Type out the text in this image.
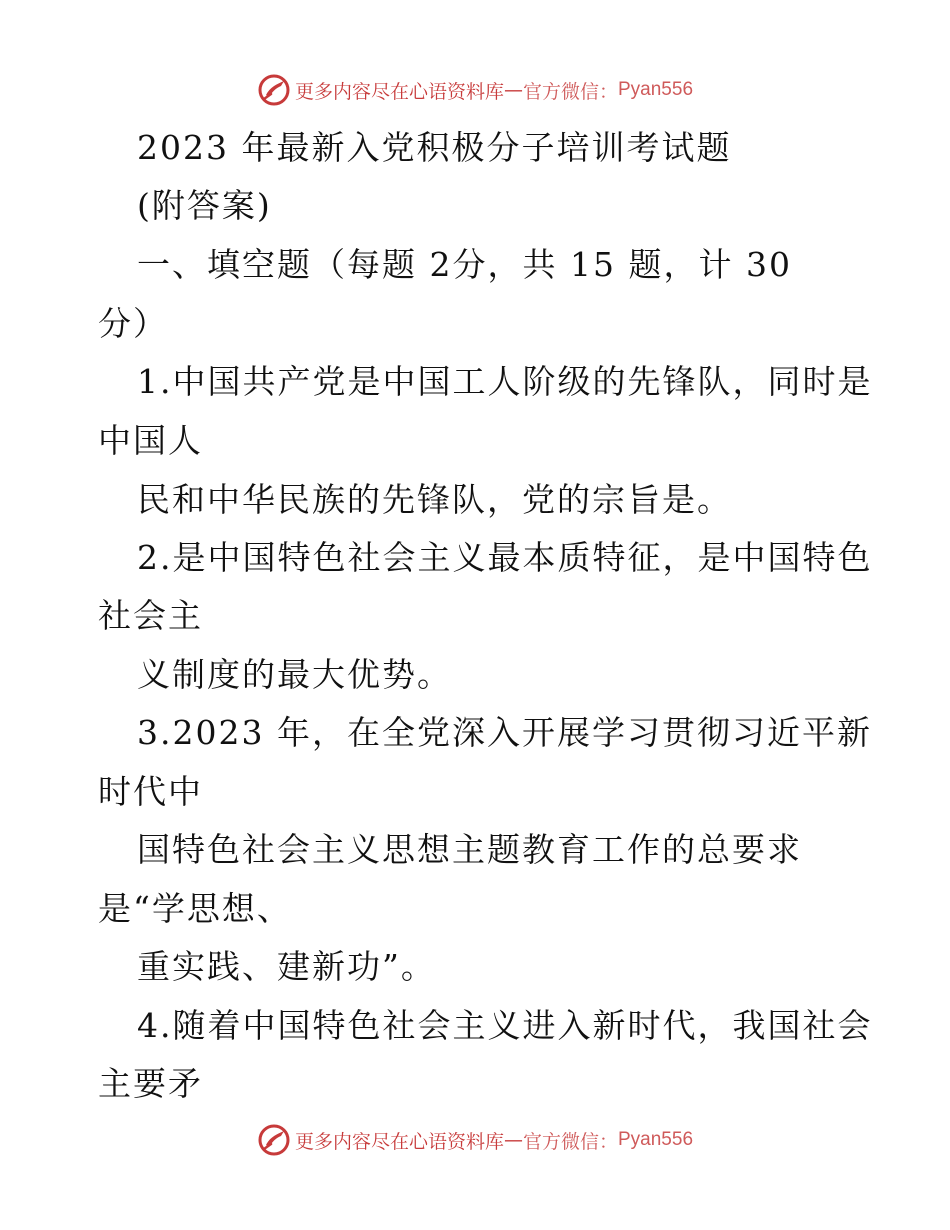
更多内容尽在心语资料库 — 官方微信： Pyan556
2023 年最新入党积极分子培训考试题
(附答案)
一、填空题（每题 2分，共 15 题，计 30
分）
1.中国共产党是中国工人阶级的先锋队，同时是
中国人
民和中华民族的先锋队，党的宗旨是。
2.是中国特色社会主义最本质特征，是中国特色
社会主
义制度的最大优势。
3.2023 年，在全党深入开展学习贯彻习近平新
时代中
国特色社会主义思想主题教育工作的总要求
是“学思想、
重实践、建新功”。
4.随着中国特色社会主义进入新时代，我国社会
主要矛
更多内容尽在心语资料库 — 官方微信： Pyan556
